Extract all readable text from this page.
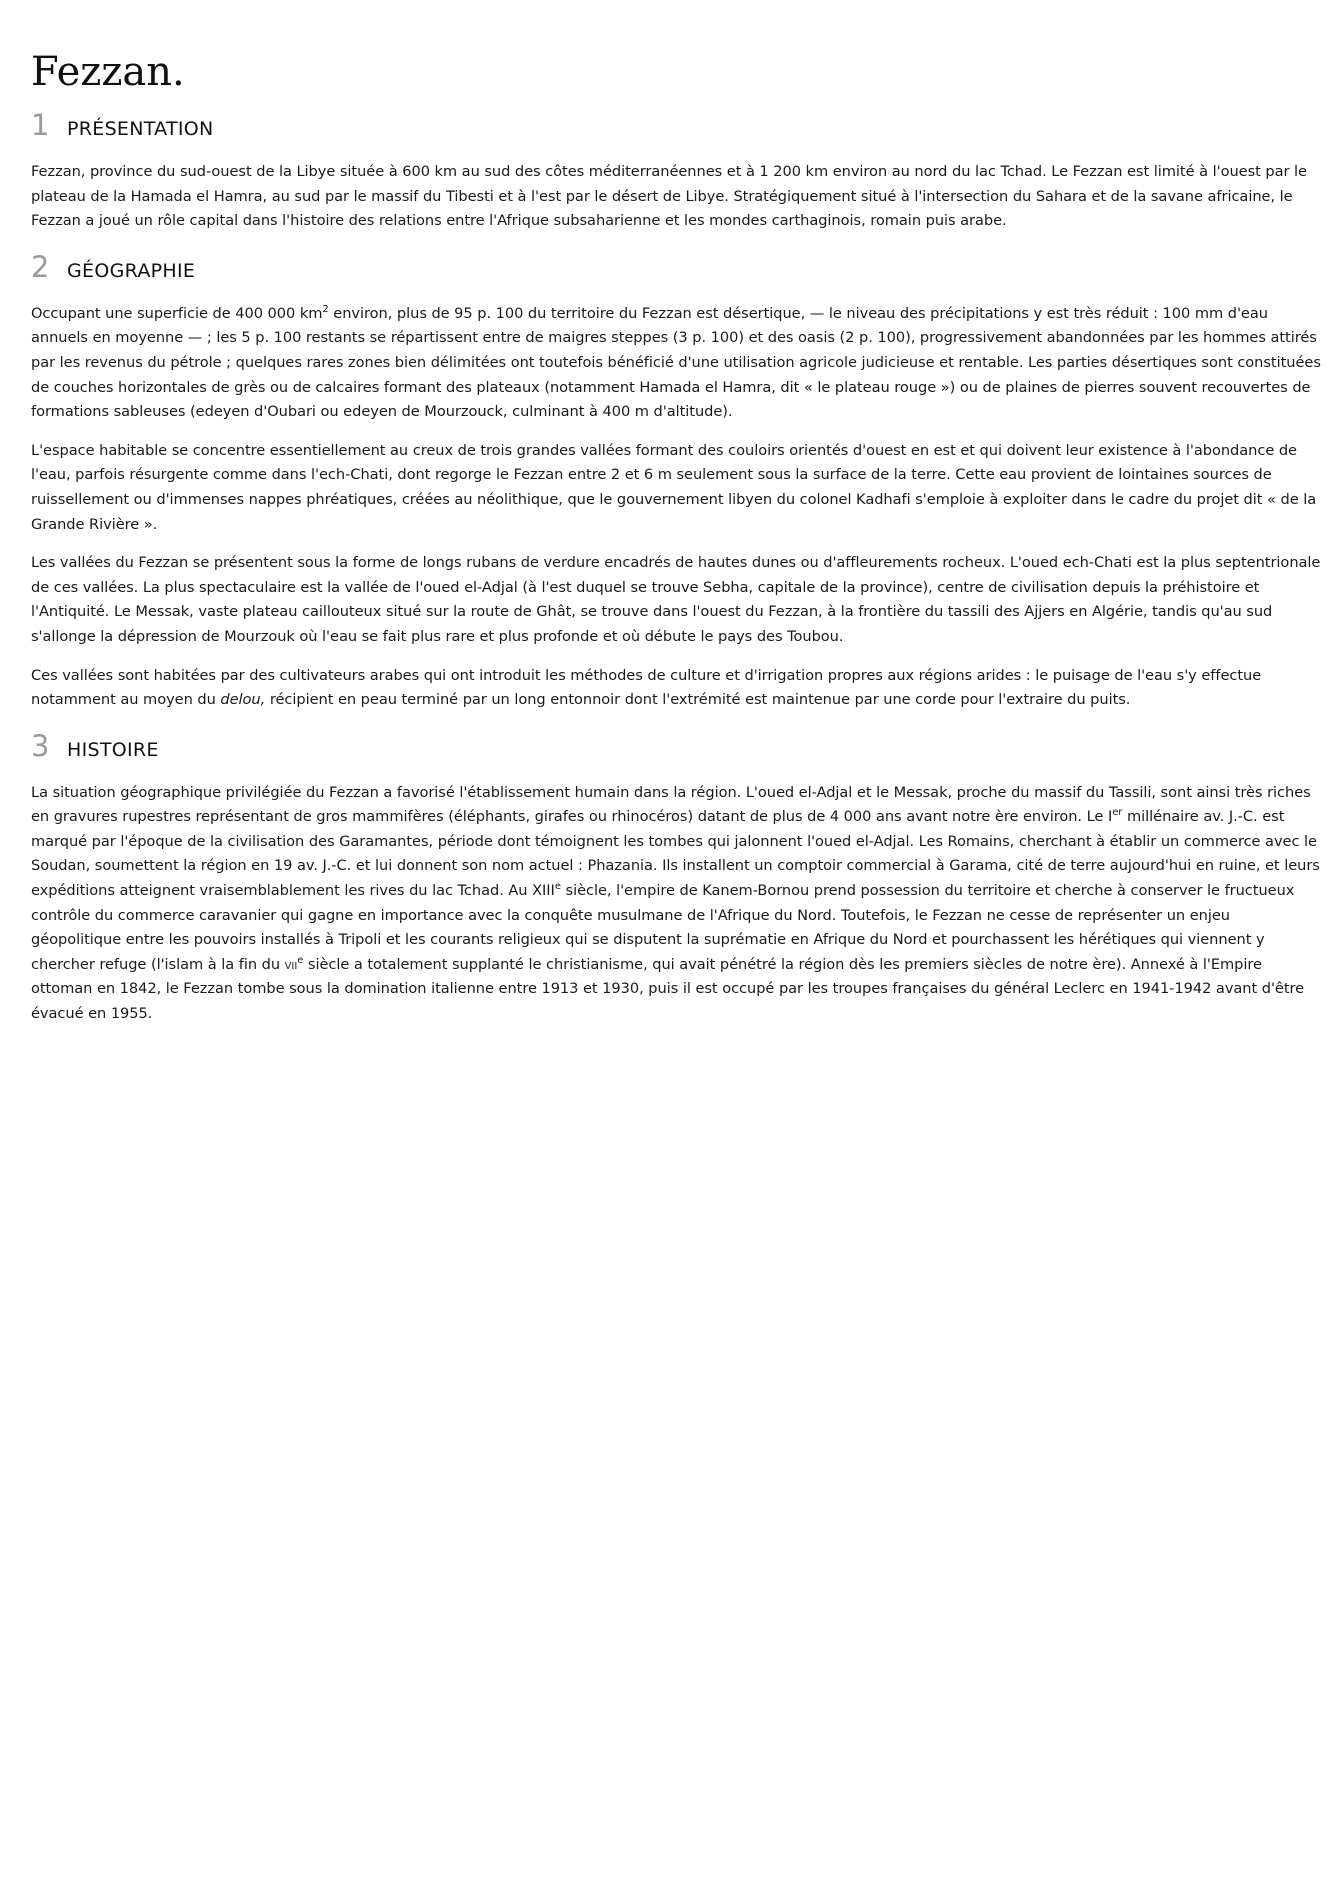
Fezzan.
1 PRÉSENTATION

Fezzan, province du sud-ouest de la Libye située à 600 km au sud des côtes méditerranéennes et à 1 200 km environ au nord du lac Tchad. Le Fezzan est limité à l'ouest par le plateau de la Hamada el Hamra, au sud par le massif du Tibesti et à l'est par le désert de Libye. Stratégiquement situé à l'intersection du Sahara et de la savane africaine, le Fezzan a joué un rôle capital dans l'histoire des relations entre l'Afrique subsaharienne et les mondes carthaginois, romain puis arabe.

2 GÉOGRAPHIE

Occupant une superficie de 400 000 $km^2$ environ, plus de 95 p. 100 du territoire du Fezzan est désertique, — le niveau des précipitations y est très réduit : 100 mm d'eau annuels en moyenne — ; les 5 p. 100 restants se répartissent entre de maigres steppes (3 p. 100) et des oasis (2 p. 100), progressivement abandonnées par les hommes attirés par les revenus du pétrole ; quelques rares zones bien délimitées ont toutefois bénéficié d'une utilisation agricole judicieuse et rentable. Les parties désertiques sont constituées de couches horizontales de grès ou de calcaires formant des plateaux (notamment Hamada el Hamra, dit « le plateau rouge ») ou de plaines de pierres souvent recouvertes de formations sableuses (edeyen d'Oubari ou edeyen de Mourzouck, culminant à 400 m d'altitude).

L'espace habitable se concentre essentiellement au creux de trois grandes vallées formant des couloirs orientés d'ouest en est et qui doivent leur existence à l'abondance de l'eau, parfois résurgente comme dans l'ech-Chati, dont regorge le Fezzan entre 2 et 6 m seulement sous la surface de la terre. Cette eau provient de lointaines sources de ruissellement ou d'immenses nappes phréatiques, créées au néolithique, que le gouvernement libyen du colonel Kadhafi s'emploie à exploiter dans le cadre du projet dit « de la Grande Rivière ».

Les vallées du Fezzan se présentent sous la forme de longs rubans de verdure encadrés de hautes dunes ou d'affleurements rocheux. L'oued ech-Chati est la plus septentrionale de ces vallées. La plus spectaculaire est la vallée de l'oued el-Adjal (à l'est duquel se trouve Sebha, capitale de la province), centre de civilisation depuis la préhistoire et l'Antiquité. Le Messak, vaste plateau caillouteux situé sur la route de Ghât, se trouve dans l'ouest du Fezzan, à la frontière du tassili des Ajjers en Algérie, tandis qu'au sud s'allonge la dépression de Mourzouk où l'eau se fait plus rare et plus profonde et où débute le pays des Toubou.

Ces vallées sont habitées par des cultivateurs arabes qui ont introduit les méthodes de culture et d'irrigation propres aux régions arides : le puisage de l'eau s'y effectue notamment au moyen du delou, récipient en peau terminé par un long entonnoir dont l'extrémité est maintenue par une corde pour l'extraire du puits.

3 HISTOIRE

La situation géographique privilégiée du Fezzan a favorisé l'établissement humain dans la région. L'oued el-Adjal et le Messak, proche du massif du Tassili, sont ainsi très riches en gravures rupestres représentant de gros mammifères (éléphants, girafes ou rhinocéros) datant de plus de 4 000 ans avant notre ère environ. Le Ier millénaire av. J.-C. est marqué par l'époque de la civilisation des Garamantes, période dont témoignent les tombes qui jalonnent l'oued el-Adjal. Les Romains, cherchant à établir un commerce avec le Soudan, soumettent la région en 19 av. J.-C. et lui donnent son nom actuel : Phazania. Ils installent un comptoir commercial à Garama, cité de terre aujourd'hui en ruine, et leurs expéditions atteignent vraisemblablement les rives du lac Tchad. Au XIIIe siècle, l'empire de Kanem-Bornou prend possession du territoire et cherche à conserver le fructueux contrôle du commerce caravanier qui gagne en importance avec la conquête musulmane de l'Afrique du Nord. Toutefois, le Fezzan ne cesse de représenter un enjeu géopolitique entre les pouvoirs installés à Tripoli et les courants religieux qui se disputent la suprématie en Afrique du Nord et pourchassent les hérétiques qui viennent y chercher refuge (l'islam à la fin du vii$^e$ siècle a totalement supplanté le christianisme, qui avait pénétré la région dès les premiers siècles de notre ère). Annexé à l'Empire ottoman en 1842, le Fezzan tombe sous la domination italienne entre 1913 et 1930, puis il est occupé par les troupes françaises du général Leclerc en 1941-1942 avant d'être évacué en 1955.
